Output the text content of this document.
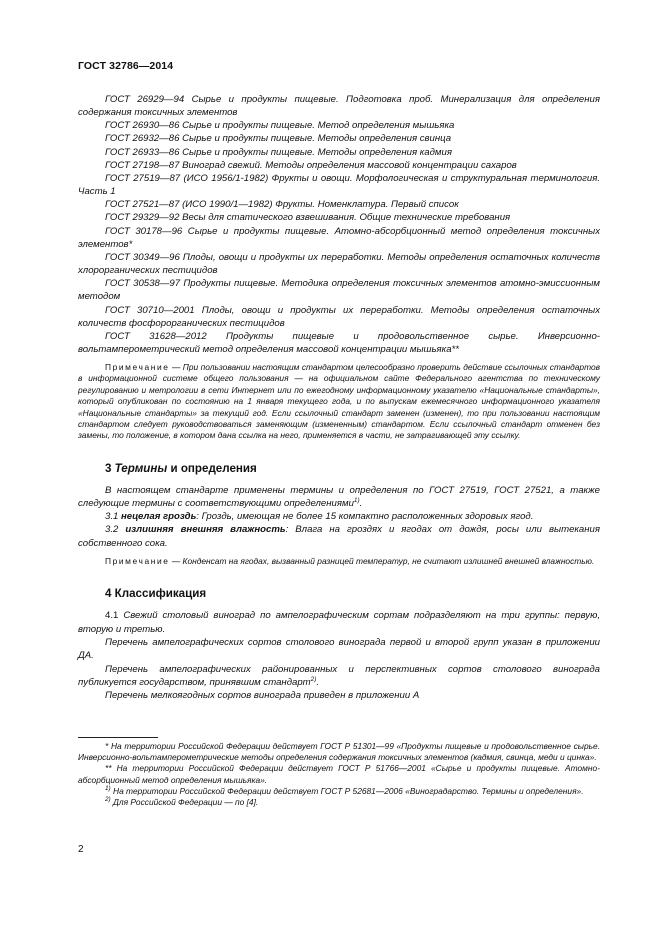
ГОСТ 32786—2014

ГОСТ 26929—94 Сырье и продукты пищевые. Подготовка проб. Минерализация для определения содержания токсичных элементов

ГОСТ 26930—86 Сырье и продукты пищевые. Метод определения мышьяка

ГОСТ 26932—86 Сырье и продукты пищевые. Методы определения свинца

ГОСТ 26933—86 Сырье и продукты пищевые. Методы определения кадмия

ГОСТ 27198—87 Виноград свежий. Методы определения массовой концентрации сахаров

ГОСТ 27519—87 (ИСО 1956/1-1982) Фрукты и овощи. Морфологическая и структуральная терминология. Часть 1

ГОСТ 27521—87 (ИСО 1990/1—1982) Фрукты. Номенклатура. Первый список

ГОСТ 29329—92 Весы для статического взвешивания. Общие технические требования

ГОСТ 30178—96 Сырье и продукты пищевые. Атомно-абсорбционный метод определения токсичных элементов*

ГОСТ 30349—96 Плоды, овощи и продукты их переработки. Методы определения остаточных количеств хлорорганических пестицидов

ГОСТ 30538—97 Продукты пищевые. Методика определения токсичных элементов атомно-эмиссионным методом

ГОСТ 30710—2001 Плоды, овощи и продукты их переработки. Методы определения остаточных количеств фосфорорганических пестицидов

ГОСТ 31628—2012 Продукты пищевые и продовольственное сырье. Инверсионно-вольтамперометрический метод определения массовой концентрации мышьяка**

Примечание — При пользовании настоящим стандартом целесообразно проверить действие ссылочных стандартов в информационной системе общего пользования — на официальном сайте Федерального агентства по техническому регулированию и метрологии в сети Интернет или по ежегодному информационному указателю «Национальные стандарты», который опубликован по состоянию на 1 января текущего года, и по выпускам ежемесячного информационного указателя «Национальные стандарты» за текущий год. Если ссылочный стандарт заменен (изменен), то при пользовании настоящим стандартом следует руководствоваться заменяющим (измененным) стандартом. Если ссылочный стандарт отменен без замены, то положение, в котором дана ссылка на него, применяется в части, не затрагивающей эту ссылку.

3 Термины и определения

В настоящем стандарте применены термины и определения по ГОСТ 27519, ГОСТ 27521, а также следующие термины с соответствующими определениями$^{1)}$.

3.1 нецелая гроздь: Гроздь, имеющая не более 15 компактно расположенных здоровых ягод.

3.2 излишняя внешняя влажность: Влага на гроздях и ягодах от дождя, росы или вытекания собственного сока.

Примечание — Конденсат на ягодах, вызванный разницей температур, не считают излишней внешней влажностью.

4 Классификация

4.1 Свежий столовый виноград по ампелографическим сортам подразделяют на три группы: первую, вторую и третью.

Перечень ампелографических сортов столового винограда первой и второй групп указан в приложении ДА.

Перечень ампелографических районированных и перспективных сортов столового винограда публикуется государством, принявшим стандарт$^{2)}$.

Перечень мелкоягодных сортов винограда приведен в приложении А

* На территории Российской Федерации действует ГОСТ Р 51301—99 «Продукты пищевые и продовольственное сырье. Инверсионно-вольтамперометрические методы определения содержания токсичных элементов (кадмия, свинца, меди и цинка».

** На территории Российской Федерации действует ГОСТ Р 51766—2001 «Сырье и продукты пищевые. Атомно-абсорбционный метод определения мышьяка».

$^{1)}$ На территории Российской Федерации действует ГОСТ Р 52681—2006 «Виноградарство. Термины и определения».

$^{2)}$ Для Российской Федерации — по [4].

2
